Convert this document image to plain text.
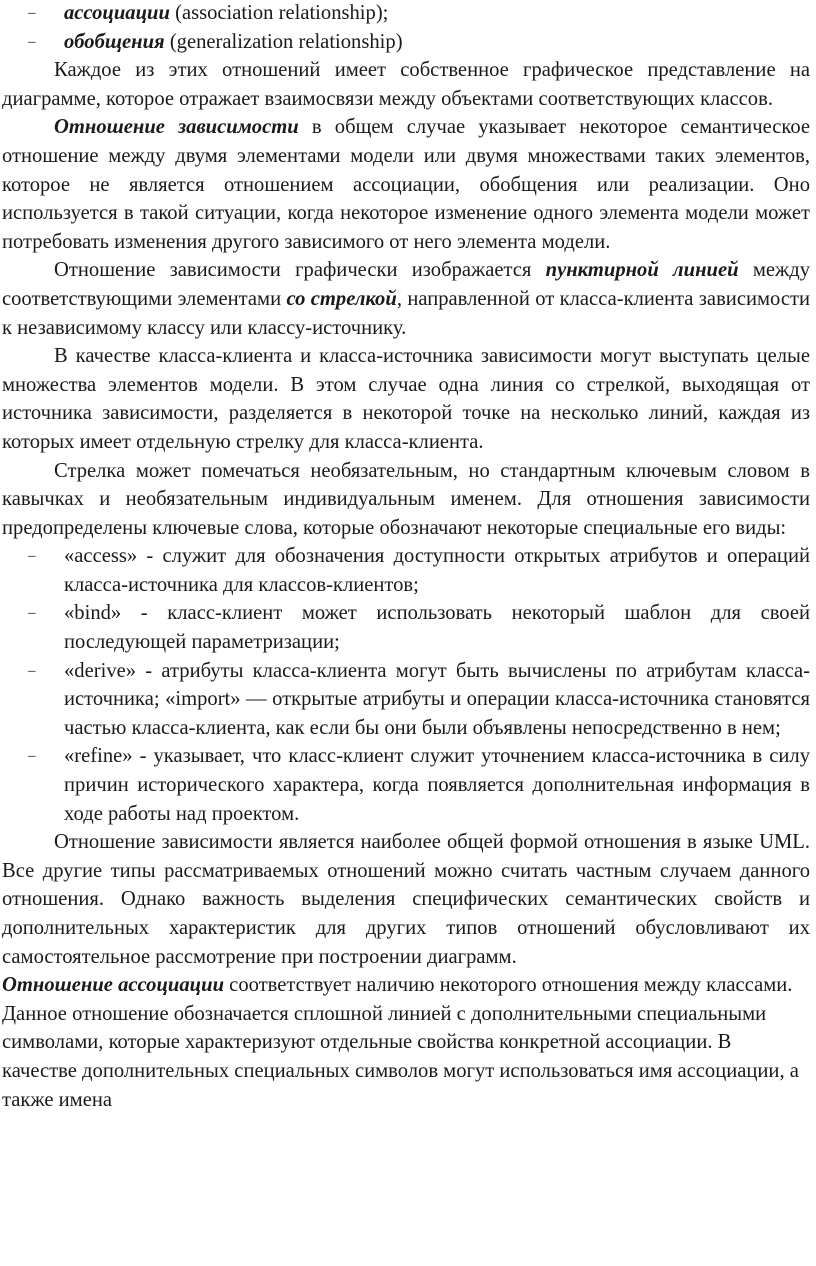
– ассоциации (association relationship);
– обобщения (generalization relationship)

Каждое из этих отношений имеет собственное графическое представление на диаграмме, которое отражает взаимосвязи между объектами соответствующих классов.

Отношение зависимости в общем случае указывает некоторое семантическое отношение между двумя элементами модели или двумя множествами таких элементов, которое не является отношением ассоциации, обобщения или реализации. Оно используется в такой ситуации, когда некоторое изменение одного элемента модели может потребовать изменения другого зависимого от него элемента модели.

Отношение зависимости графически изображается пунктирной линией между соответствующими элементами со стрелкой, направленной от класса-клиента зависимости к независимому классу или классу-источнику.

В качестве класса-клиента и класса-источника зависимости могут выступать целые множества элементов модели. В этом случае одна линия со стрелкой, выходящая от источника зависимости, разделяется в некоторой точке на несколько линий, каждая из которых имеет отдельную стрелку для класса-клиента.

Стрелка может помечаться необязательным, но стандартным ключевым словом в кавычках и необязательным индивидуальным именем. Для отношения зависимости предопределены ключевые слова, которые обозначают некоторые специальные его виды:

– «access» - служит для обозначения доступности открытых атрибутов и операций класса-источника для классов-клиентов;
– «bind» - класс-клиент может использовать некоторый шаблон для своей последующей параметризации;
– «derive» - атрибуты класса-клиента могут быть вычислены по атрибутам класса-источника; «import» — открытые атрибуты и операции класса-источника становятся частью класса-клиента, как если бы они были объявлены непосредственно в нем;
– «refine» - указывает, что класс-клиент служит уточнением класса-источника в силу причин исторического характера, когда появляется дополнительная информация в ходе работы над проектом.

Отношение зависимости является наиболее общей формой отношения в языке UML. Все другие типы рассматриваемых отношений можно считать частным случаем данного отношения. Однако важность выделения специфических семантических свойств и дополнительных характеристик для других типов отношений обусловливают их самостоятельное рассмотрение при построении диаграмм.

Отношение ассоциации соответствует наличию некоторого отношения между классами. Данное отношение обозначается сплошной линией с дополнительными специальными символами, которые характеризуют отдельные свойства конкретной ассоциации. В качестве дополнительных специальных символов могут использоваться имя ассоциации, а также имена
